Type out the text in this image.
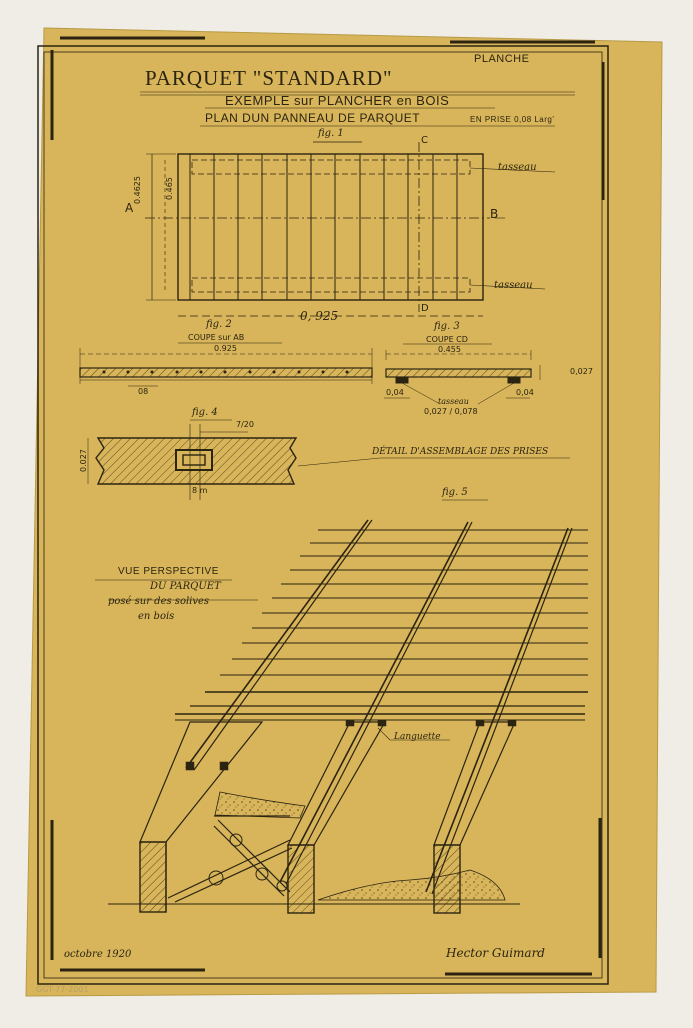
PLANCHE
PARQUET "STANDARD"
EXEMPLE sur PLANCHER en BOIS
PLAN DUN PANNEAU DE PARQUET	EN PRISE 0,08 Larg'
fig. 1
A	B
C
D
tasseau
tasseau
0, 925
0.4625	0.465
fig. 2
COUPE sur AB
0.925
08
fig. 3
COUPE CD
0.455
0,027
0,04	0,04
tasseau
0,027 / 0,078
fig. 4
7/20
0.027
8 m
DÉTAIL D'ASSEMBLAGE DES PRISES
fig. 5
VUE PERSPECTIVE
DU PARQUET
posé sur des solives
en bois
Languette
octobre 1920	Hector Guimard
GGT-77-2001
